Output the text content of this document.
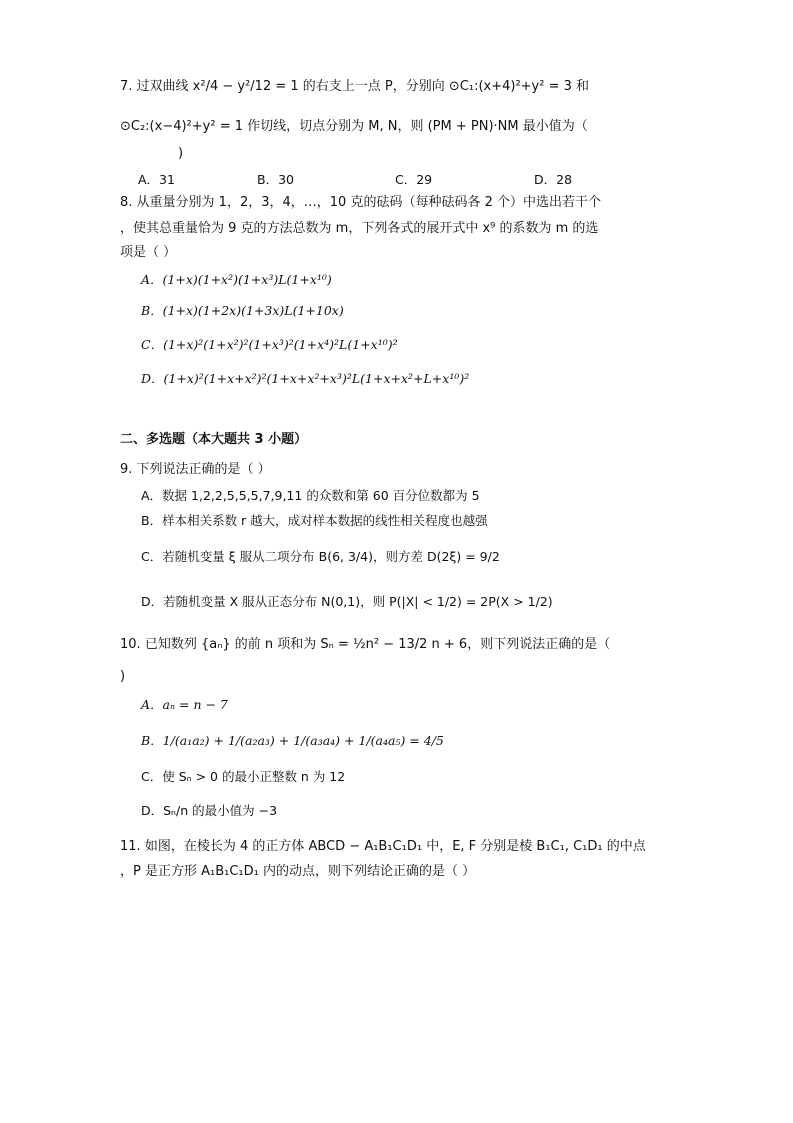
7. 过双曲线 x²/4 − y²/12 = 1 的右支上一点 P，分别向 ⊙C₁:(x+4)²+y² = 3 和
⊙C₂:(x−4)²+y² = 1 作切线，切点分别为 M, N，则 (PM + PN)·NM 最小值为（
)
A．31	B．30	C．29	D．28
8. 从重量分别为 1，2，3，4，…，10 克的砝码（每种砝码各 2 个）中选出若干个
，使其总重量恰为 9 克的方法总数为 m，下列各式的展开式中 x⁹ 的系数为 m 的选
项是（ ）
A．(1+x)(1+x²)(1+x³)L(1+x¹⁰)
B．(1+x)(1+2x)(1+3x)L(1+10x)
C．(1+x)²(1+x²)²(1+x³)²(1+x⁴)²L(1+x¹⁰)²
D．(1+x)²(1+x+x²)²(1+x+x²+x³)²L(1+x+x²+L+x¹⁰)²
二、多选题（本大题共 3 小题）
9. 下列说法正确的是（ ）
A．数据 1,2,2,5,5,5,7,9,11 的众数和第 60 百分位数都为 5
B．样本相关系数 r 越大，成对样本数据的线性相关程度也越强
C．若随机变量 ξ 服从二项分布 B(6, 3/4)，则方差 D(2ξ) = 9/2
D．若随机变量 X 服从正态分布 N(0,1)，则 P(|X| < 1/2) = 2P(X > 1/2)
10. 已知数列 {aₙ} 的前 n 项和为 Sₙ = ½n² − 13/2 n + 6，则下列说法正确的是（
)
A．aₙ = n − 7
B．1/(a₁a₂) + 1/(a₂a₃) + 1/(a₃a₄) + 1/(a₄a₅) = 4/5
C．使 Sₙ > 0 的最小正整数 n 为 12
D．Sₙ/n 的最小值为 −3
11. 如图，在棱长为 4 的正方体 ABCD − A₁B₁C₁D₁ 中，E, F 分别是棱 B₁C₁, C₁D₁ 的中点
，P 是正方形 A₁B₁C₁D₁ 内的动点，则下列结论正确的是（ ）
